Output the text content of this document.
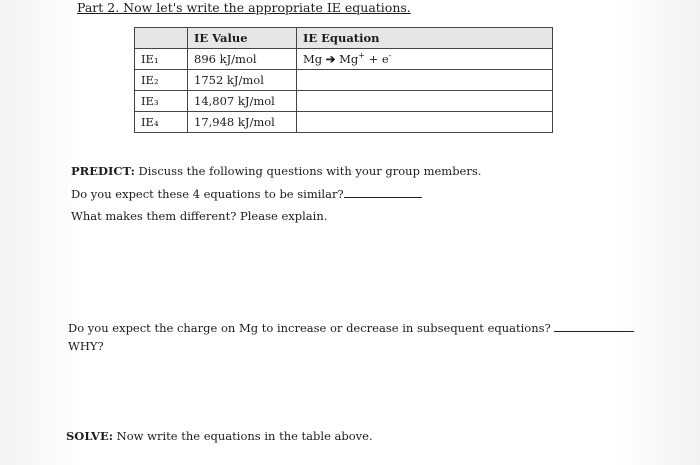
Part 2. Now let's write the appropriate IE equations.
	IE Value	IE Equation
IE₁	896 kJ/mol	Mg ➔ Mg+ + e-
IE₂	1752 kJ/mol	
IE₃	14,807 kJ/mol	
IE₄	17,948 kJ/mol	
PREDICT: Discuss the following questions with your group members.
Do you expect these 4 equations to be similar?
What makes them different? Please explain.
Do you expect the charge on Mg to increase or decrease in subsequent equations?
WHY?
SOLVE: Now write the equations in the table above.
